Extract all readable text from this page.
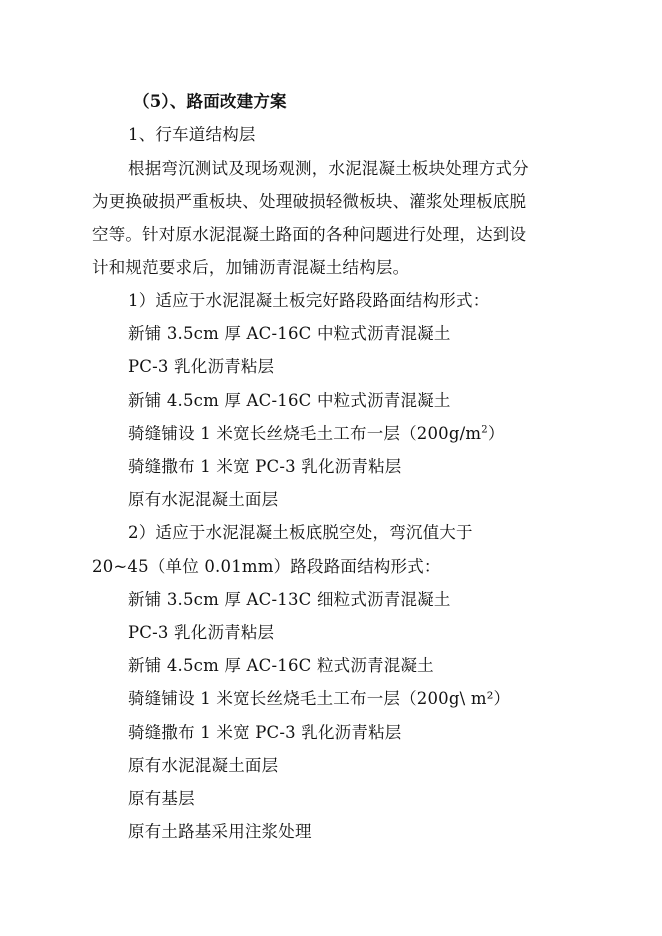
（5）、路面改建方案
1、行车道结构层
根据弯沉测试及现场观测，水泥混凝土板块处理方式分
为更换破损严重板块、处理破损轻微板块、灌浆处理板底脱
空等。针对原水泥混凝土路面的各种问题进行处理，达到设
计和规范要求后，加铺沥青混凝土结构层。
1）适应于水泥混凝土板完好路段路面结构形式：
新铺 3.5cm 厚 AC-16C 中粒式沥青混凝土
PC-3 乳化沥青粘层
新铺 4.5cm 厚 AC-16C 中粒式沥青混凝土
骑缝铺设 1 米宽长丝烧毛土工布一层$(200g/m^2)$
骑缝撒布 1 米宽 PC-3 乳化沥青粘层
原有水泥混凝土面层
2）适应于水泥混凝土板底脱空处，弯沉值大于
20~45（单位 0.01mm）路段路面结构形式：
新铺 3.5cm 厚 AC-13C 细粒式沥青混凝土
PC-3 乳化沥青粘层
新铺 4.5cm 厚 AC-16C 粒式沥青混凝土
骑缝铺设 1 米宽长丝烧毛土工布一层（200g\ m²）
骑缝撒布 1 米宽 PC-3 乳化沥青粘层
原有水泥混凝土面层
原有基层
原有土路基采用注浆处理
